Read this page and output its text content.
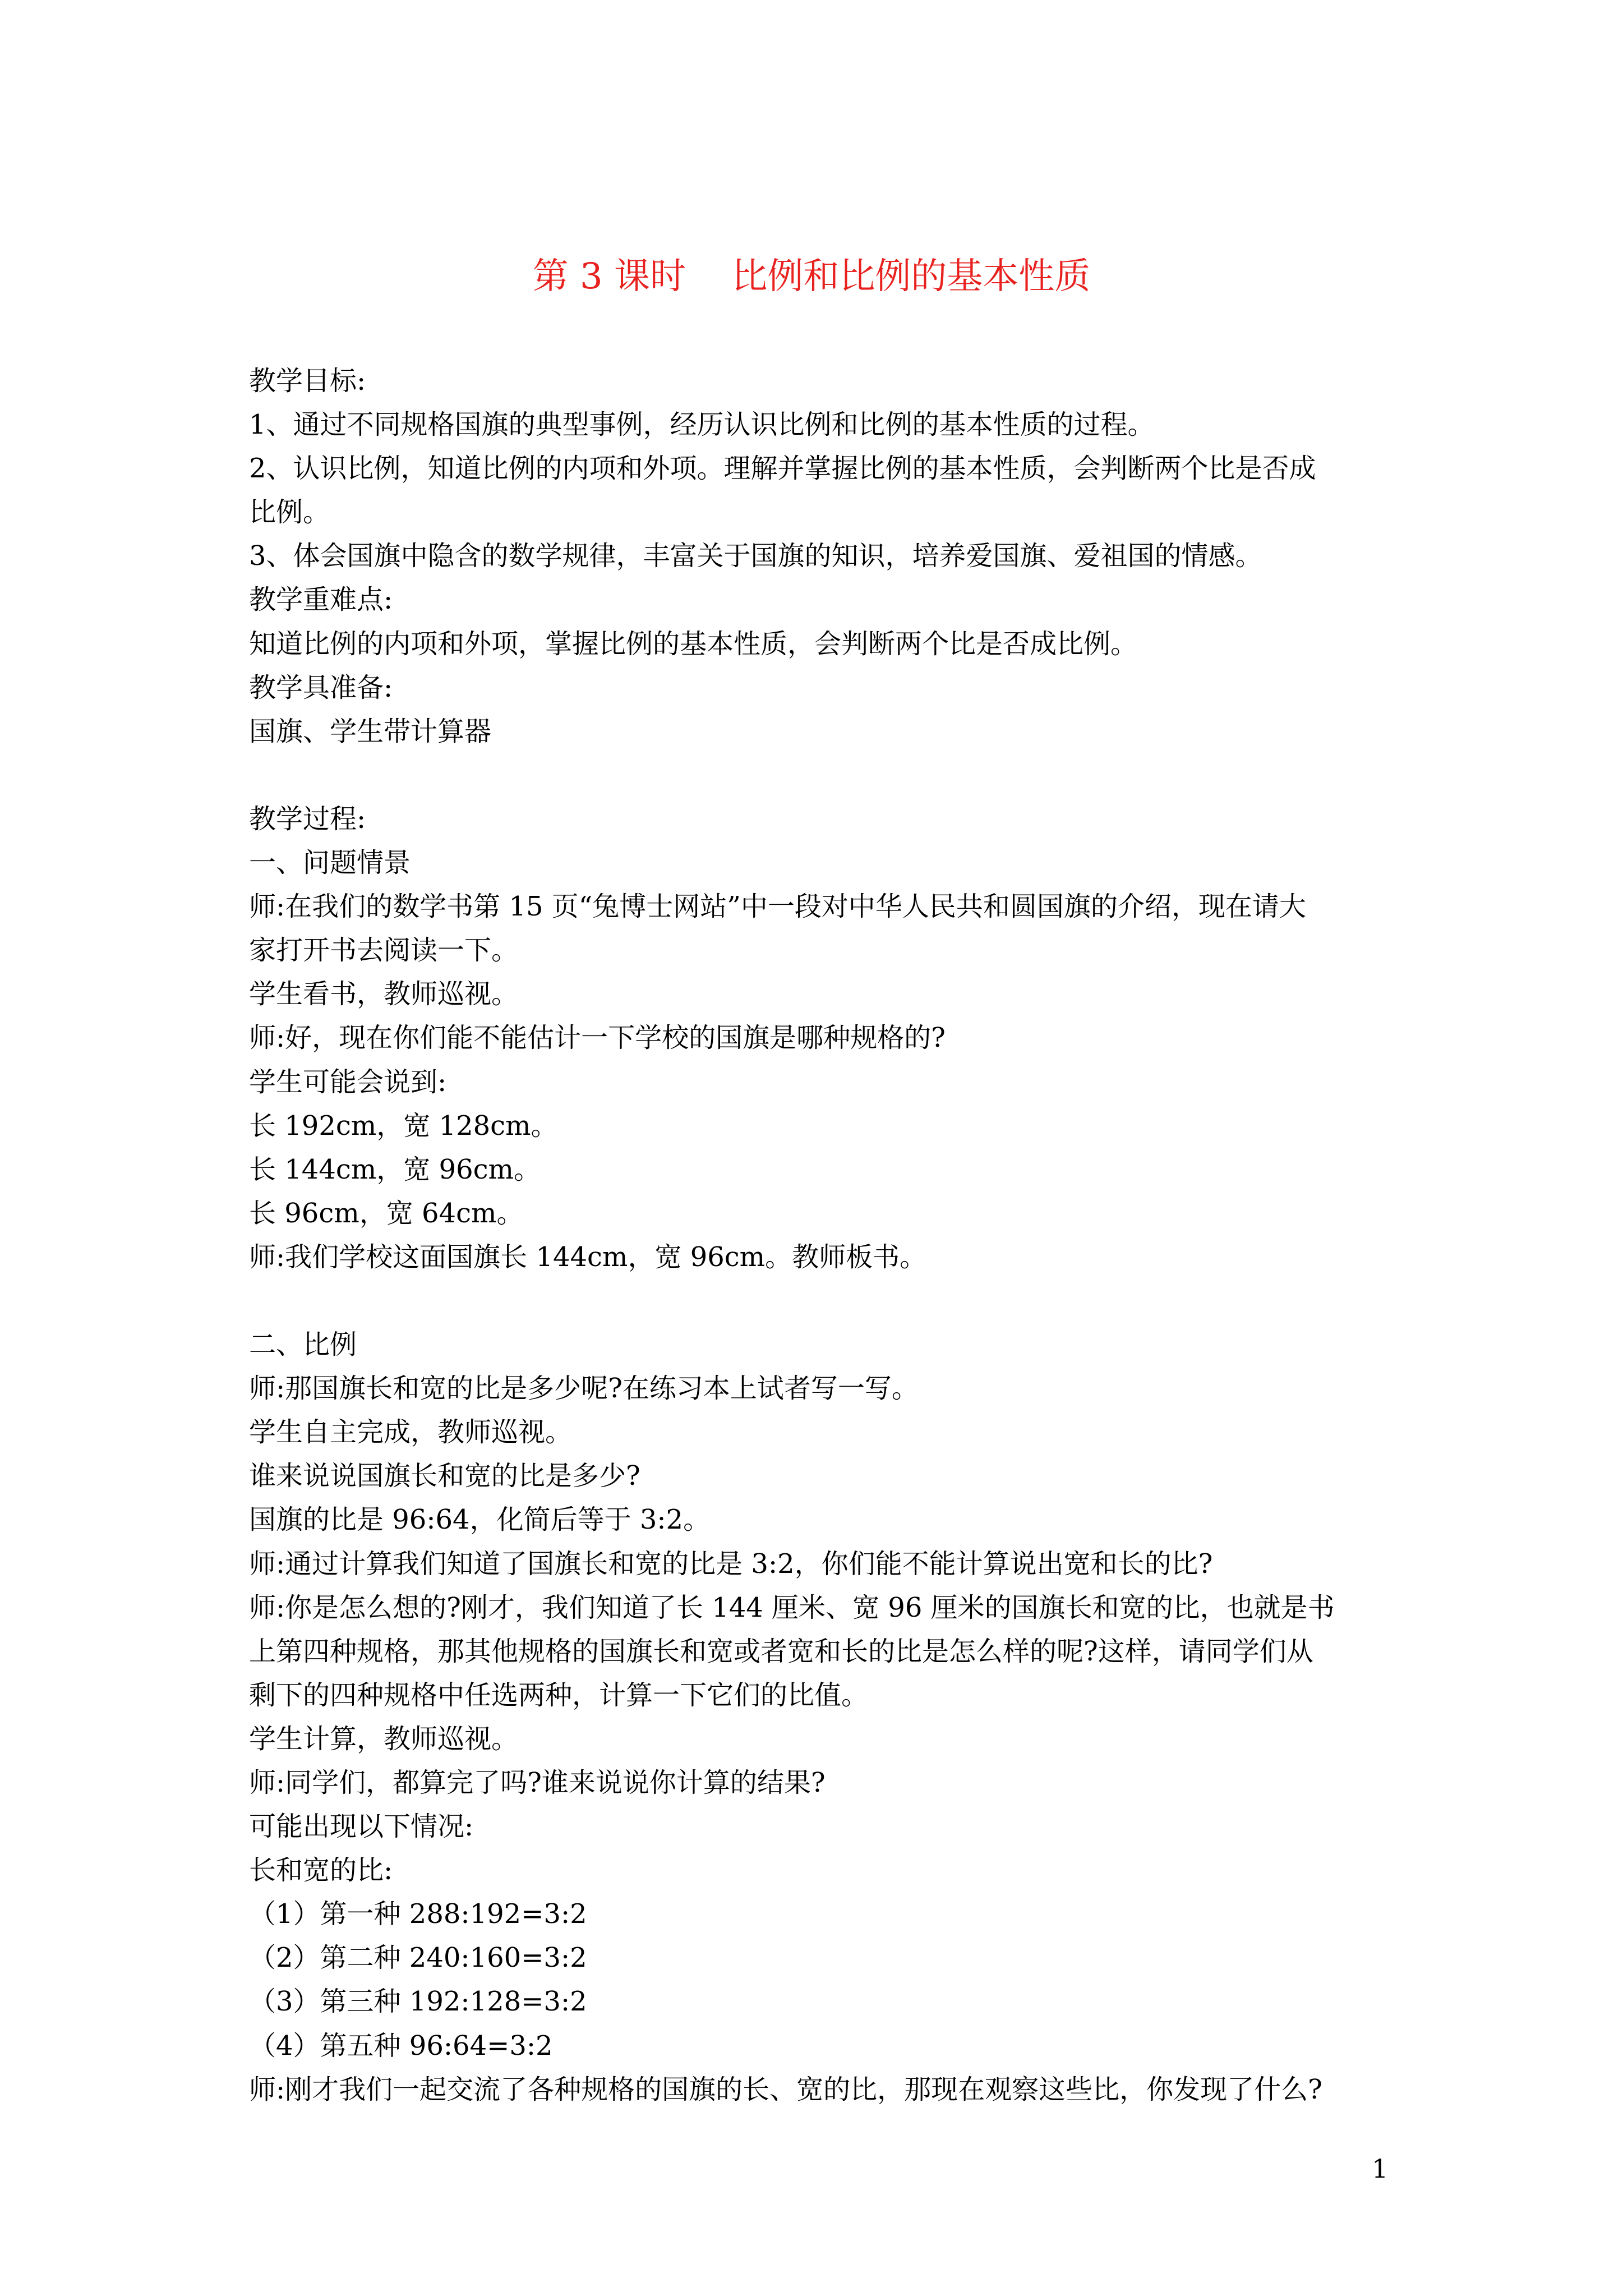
第 3 课时    比例和比例的基本性质

教学目标:

1、通过不同规格国旗的典型事例，经历认识比例和比例的基本性质的过程。

2、认识比例，知道比例的内项和外项。理解并掌握比例的基本性质，会判断两个比是否成

比例。

3、体会国旗中隐含的数学规律，丰富关于国旗的知识，培养爱国旗、爱祖国的情感。

教学重难点:

知道比例的内项和外项，掌握比例的基本性质，会判断两个比是否成比例。

教学具准备:

国旗、学生带计算器

教学过程:

一、问题情景

师:在我们的数学书第 15 页“兔博士网站”中一段对中华人民共和圆国旗的介绍，现在请大

家打开书去阅读一下。

学生看书，教师巡视。

师:好，现在你们能不能估计一下学校的国旗是哪种规格的?

学生可能会说到:

长 192cm，宽 128cm。

长 144cm，宽 96cm。

长 96cm，宽 64cm。

师:我们学校这面国旗长 144cm，宽 96cm。教师板书。

二、比例

师:那国旗长和宽的比是多少呢?在练习本上试者写一写。

学生自主完成，教师巡视。

谁来说说国旗长和宽的比是多少?

国旗的比是 96:64，化简后等于 3:2。

师:通过计算我们知道了国旗长和宽的比是 3:2，你们能不能计算说出宽和长的比?

师:你是怎么想的?刚才，我们知道了长 144 厘米、宽 96 厘米的国旗长和宽的比，也就是书

上第四种规格，那其他规格的国旗长和宽或者宽和长的比是怎么样的呢?这样，请同学们从

剩下的四种规格中任选两种，计算一下它们的比值。

学生计算，教师巡视。

师:同学们，都算完了吗?谁来说说你计算的结果?

可能出现以下情况:

长和宽的比:

（1）第一种 288:192=3:2

（2）第二种 240:160=3:2

（3）第三种 192:128=3:2

（4）第五种 96:64=3:2

师:刚才我们一起交流了各种规格的国旗的长、宽的比，那现在观察这些比，你发现了什么?

1
